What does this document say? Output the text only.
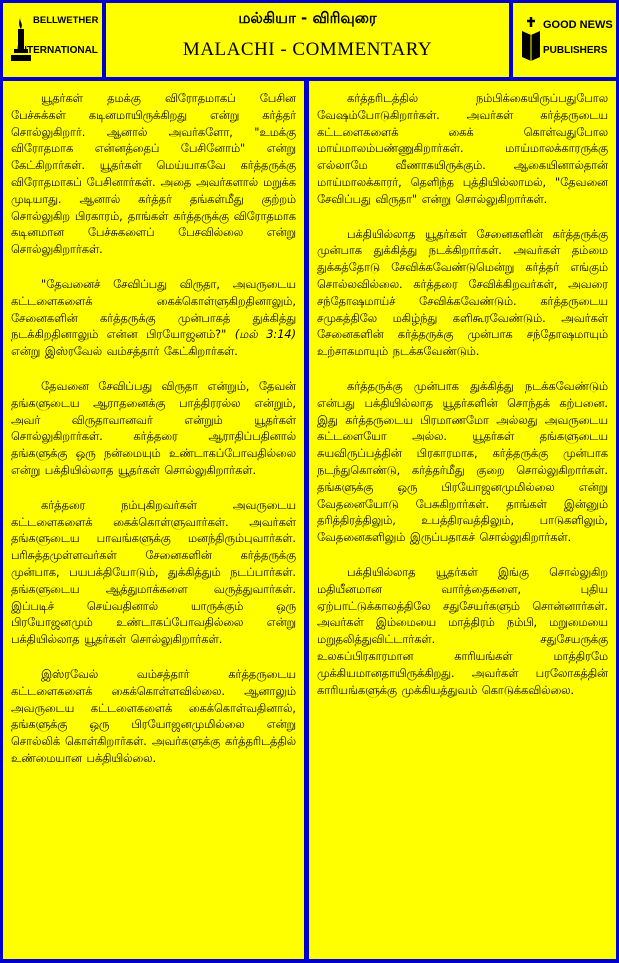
BELLWETHER
INTERNATIONAL
மல்கியா - விரிவுரை
MALACHI - COMMENTARY
GOOD NEWS
PUBLISHERS

யூதர்கள் தமக்கு விரோதமாகப் பேசின பேச்சுக்கள் கடினமாயிருக்கிறது என்று கர்த்தர் சொல்லுகிறார். ஆனால் அவர்களோ, "உமக்கு விரோதமாக என்னத்தைப் பேசினோம்" என்று கேட்கிறார்கள். யூதர்கள் மெய்யாகவே கர்த்தருக்கு விரோதமாகப் பேசினார்கள். அதை அவர்களால் மறுக்க முடியாது. ஆனால் கர்த்தர் தங்கள்மீது குற்றம் சொல்லுகிற பிரகாரம், தாங்கள் கர்த்தருக்கு விரோதமாக கடினமான பேச்சுகளைப் பேசவில்லை என்று சொல்லுகிறார்கள்.

"தேவனைச் சேவிப்பது விருதா, அவருடைய கட்டளைகளைக் கைக்கொள்ளுகிறதினாலும், சேனைகளின் கர்த்தருக்கு முன்பாகத் துக்கித்து நடக்கிறதினாலும் என்ன பிரயோஜனம்?" (மல் 3:14) என்று இஸ்ரவேல் வம்சத்தார் கேட்கிறார்கள்.

தேவனை சேவிப்பது விருதா என்றும், தேவன் தங்களுடைய ஆராதனைக்கு பாத்திரரல்ல என்றும், அவர் விருதாவானவர் என்றும் யூதர்கள் சொல்லுகிறார்கள். கர்த்தரை ஆராதிப்பதினால் தங்களுக்கு ஒரு நன்மையும் உண்டாகப்போவதில்லை என்று பக்தியில்லாத யூதர்கள் சொல்லுகிறார்கள்.

கர்த்தரை நம்புகிறவர்கள் அவருடைய கட்டளைகளைக் கைக்கொள்ளுவார்கள். அவர்கள் தங்களுடைய பாவங்களுக்கு மனந்திரும்புவார்கள். பரிசுத்தமுள்ளவர்கள் சேனைகளின் கர்த்தருக்கு முன்பாக, பயபக்தியோடும், துக்கித்தும் நடப்பார்கள். தங்களுடைய ஆத்துமாக்களை வருத்துவார்கள். இப்படிச் செய்வதினால் யாருக்கும் ஒரு பிரயோஜனமும் உண்டாகப்போவதில்லை என்று பக்தியில்லாத யூதர்கள் சொல்லுகிறார்கள்.

இஸ்ரவேல் வம்சத்தார் கர்த்தருடைய கட்டளைகளைக் கைக்கொள்ளவில்லை. ஆனாலும் அவருடைய கட்டளைகளைக் கைக்கொள்வதினால், தங்களுக்கு ஒரு பிரயோஜனமுமில்லை என்று சொல்லிக் கொள்கிறார்கள். அவர்களுக்கு கர்த்தரிடத்தில் உண்மையான பக்தியில்லை.

கர்த்தரிடத்தில் நம்பிக்கையிருப்பதுபோல வேஷம்போடுகிறார்கள். அவர்கள் கர்த்தருடைய கட்டளைகளைக் கைக் கொள்வதுபோல மாய்மாலம்பண்ணுகிறார்கள். மாய்மாலக்காரருக்கு எல்லாமே வீணாகயிருக்கும். ஆகையினால்தான் மாய்மாலக்காரர், தெளிந்த புத்தியில்லாமல், "தேவனை சேவிப்பது விருதா" என்று சொல்லுகிறார்கள்.

பக்தியில்லாத யூதர்கள் சேனைகளின் கர்த்தருக்கு முன்பாக துக்கித்து நடக்கிறார்கள். அவர்கள் தம்மை துக்கத்தோடு சேவிக்கவேண்டுமென்று கர்த்தர் எங்கும் சொல்லவில்லை. கர்த்தரை சேவிக்கிறவர்கள், அவரை சந்தோஷமாய்ச் சேவிக்கவேண்டும். கர்த்தருடைய சமுகத்திலே மகிழ்ந்து களிகூரவேண்டும். அவர்கள் சேனைகளின் கர்த்தருக்கு முன்பாக சந்தோஷமாயும் உற்சாகமாயும் நடக்கவேண்டும்.

கர்த்தருக்கு முன்பாக துக்கித்து நடக்கவேண்டும் என்பது பக்தியில்லாத யூதர்களின் சொந்தக் கற்பனை. இது கர்த்தருடைய பிரமாணமோ அல்லது அவருடைய கட்டளையோ அல்ல. யூதர்கள் தங்களுடைய சுயவிருப்பத்தின் பிரகாரமாக, கர்த்தருக்கு முன்பாக நடந்துகொண்டு, கர்த்தர்மீது குறை சொல்லுகிறார்கள். தங்களுக்கு ஒரு பிரயோஜனமுமில்லை என்று வேதனையோடு பேசுகிறார்கள். தாங்கள் இன்னும் தரித்திரத்திலும், உபத்திரவத்திலும், பாடுகளிலும், வேதனைகளிலும் இருப்பதாகச் சொல்லுகிறார்கள்.

பக்தியில்லாத யூதர்கள் இங்கு சொல்லுகிற மதியீனமான வார்த்தைகளை, புதிய ஏற்பாட்டுக்காலத்திலே சதுசேயர்களும் சொன்னார்கள். அவர்கள் இம்மையை மாத்திரம் நம்பி, மறுமையை மறுதலித்துவிட்டார்கள். சதுசேயருக்கு உலகப்பிரகாரமான காரியங்கள் மாத்திரமே முக்கியமானதாயிருக்கிறது. அவர்கள் பரலோகத்தின் காரியங்களுக்கு முக்கியத்துவம் கொடுக்கவில்லை.
